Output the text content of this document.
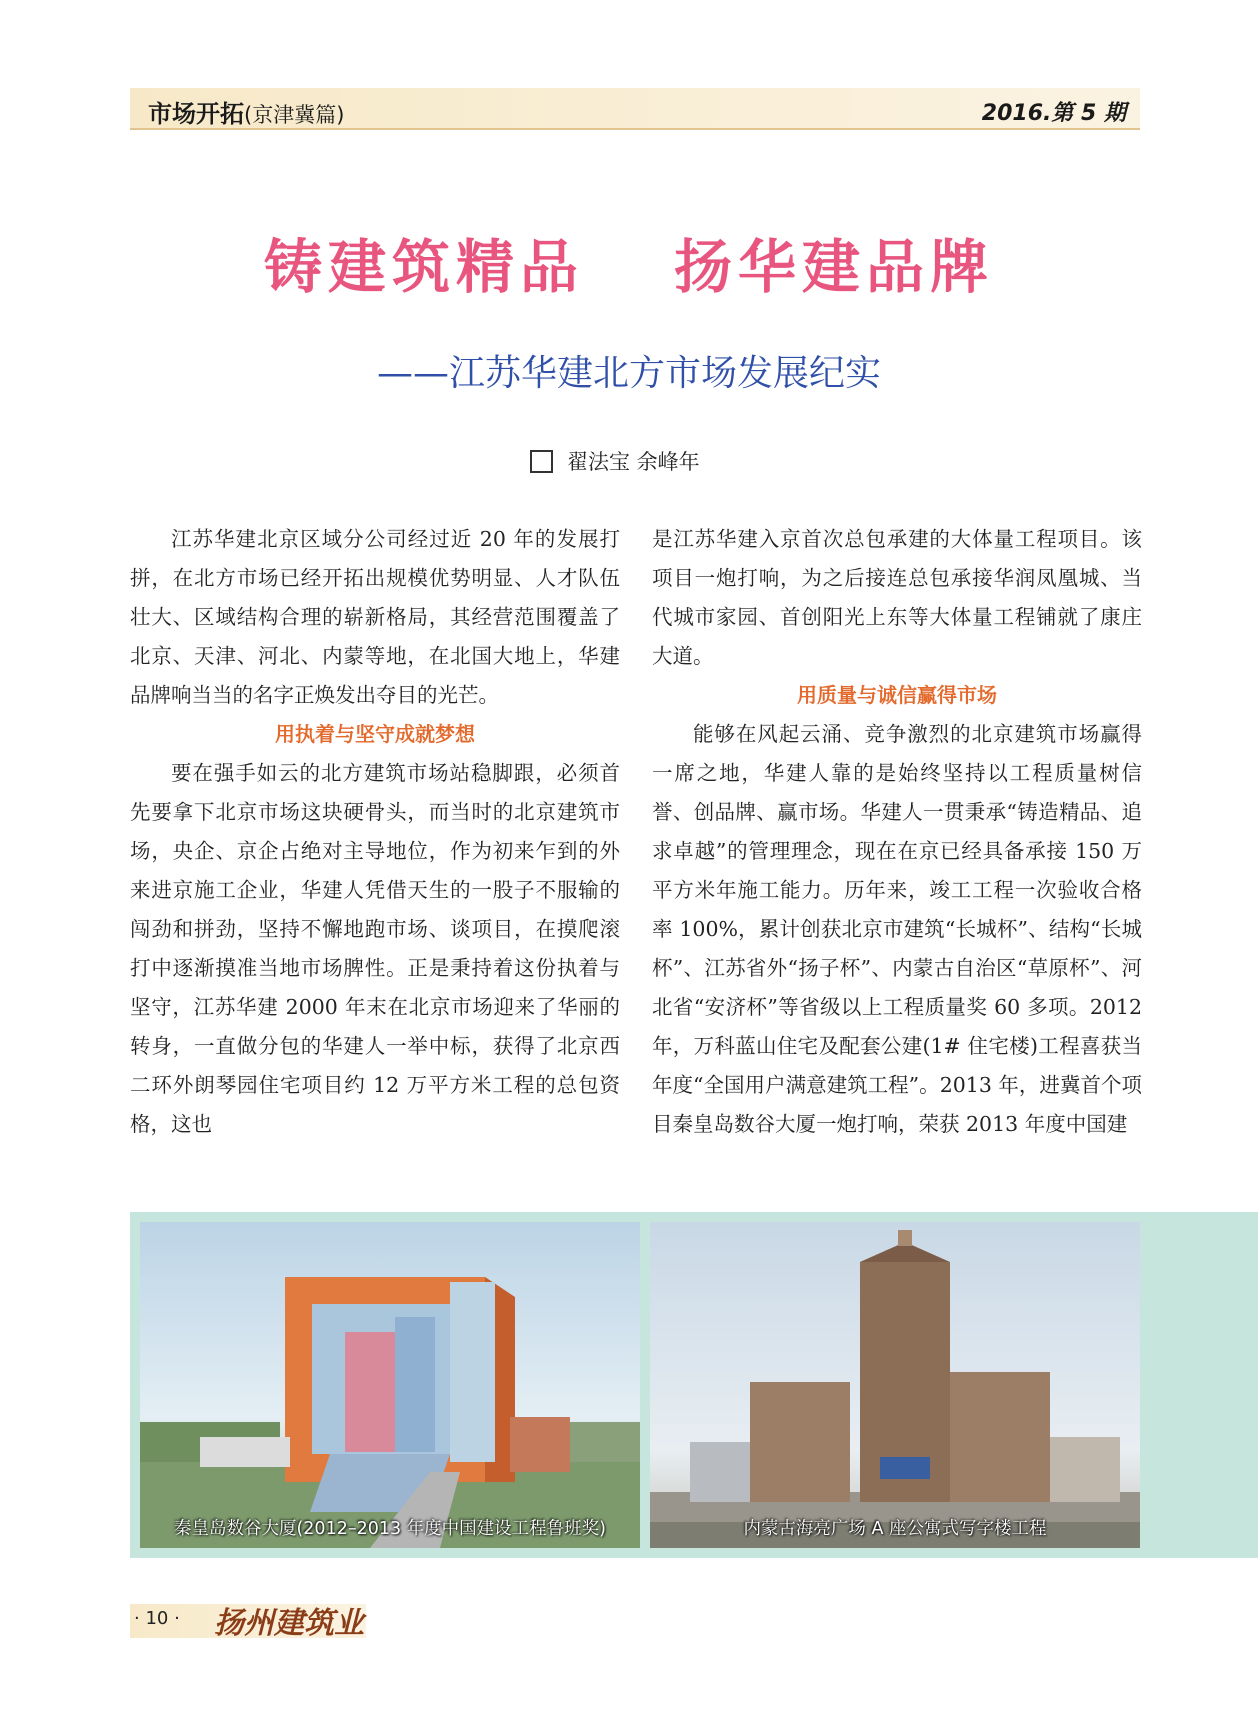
市场开拓(京津冀篇)	2016.第 5 期
铸建筑精品 扬华建品牌
——江苏华建北方市场发展纪实
翟法宝 余峰年

江苏华建北京区域分公司经过近 20 年的发展打拼，在北方市场已经开拓出规模优势明显、人才队伍壮大、区域结构合理的崭新格局，其经营范围覆盖了北京、天津、河北、内蒙等地，在北国大地上，华建品牌响当当的名字正焕发出夺目的光芒。

用执着与坚守成就梦想

要在强手如云的北方建筑市场站稳脚跟，必须首先要拿下北京市场这块硬骨头，而当时的北京建筑市场，央企、京企占绝对主导地位，作为初来乍到的外来进京施工企业，华建人凭借天生的一股子不服输的闯劲和拼劲，坚持不懈地跑市场、谈项目，在摸爬滚打中逐渐摸准当地市场脾性。正是秉持着这份执着与坚守，江苏华建 2000 年末在北京市场迎来了华丽的转身，一直做分包的华建人一举中标，获得了北京西二环外朗琴园住宅项目约 12 万平方米工程的总包资格，这也

是江苏华建入京首次总包承建的大体量工程项目。该项目一炮打响，为之后接连总包承接华润凤凰城、当代城市家园、首创阳光上东等大体量工程铺就了康庄大道。

用质量与诚信赢得市场

能够在风起云涌、竞争激烈的北京建筑市场赢得一席之地，华建人靠的是始终坚持以工程质量树信誉、创品牌、赢市场。华建人一贯秉承“铸造精品、追求卓越”的管理理念，现在在京已经具备承接 150 万平方米年施工能力。历年来，竣工工程一次验收合格率 100%，累计创获北京市建筑“长城杯”、结构“长城杯”、江苏省外“扬子杯”、内蒙古自治区“草原杯”、河北省“安济杯”等省级以上工程质量奖 60 多项。2012 年，万科蓝山住宅及配套公建(1# 住宅楼)工程喜获当年度“全国用户满意建筑工程”。2013 年，进冀首个项目秦皇岛数谷大厦一炮打响，荣获 2013 年度中国建

秦皇岛数谷大厦(2012–2013 年度中国建设工程鲁班奖)	内蒙古海亮广场 A 座公寓式写字楼工程
· 10 · 扬州建筑业
